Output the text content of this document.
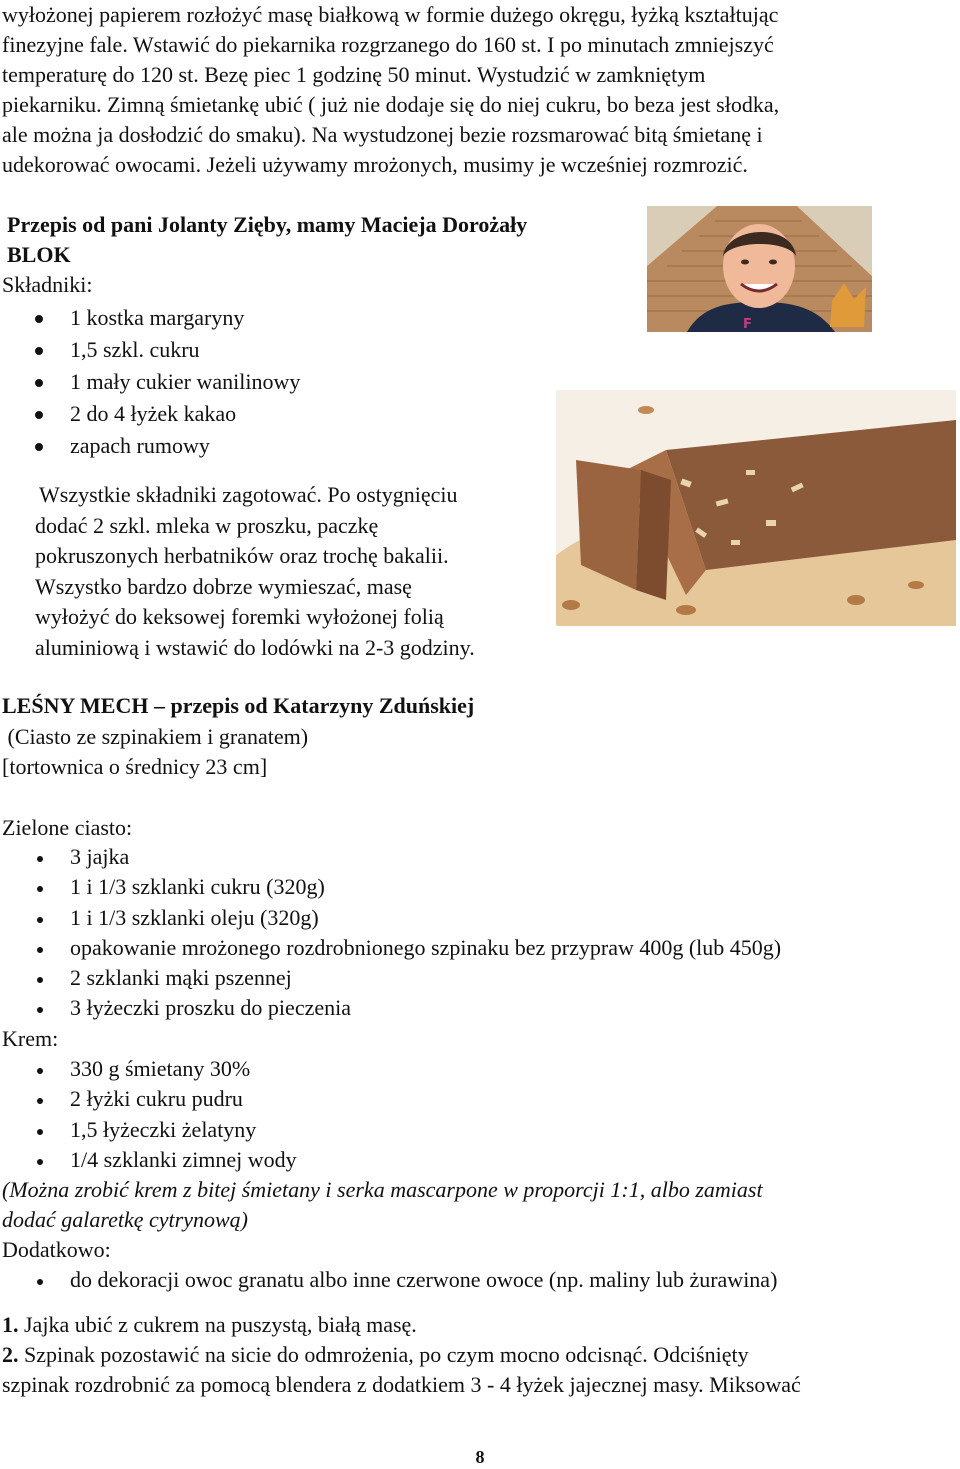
wyłożonej papierem rozłożyć masę białkową w formie dużego okręgu, łyżką kształtując

finezyjne fale. Wstawić do piekarnika rozgrzanego do 160 st. I po minutach zmniejszyć

temperaturę do 120 st. Bezę piec 1 godzinę 50 minut. Wystudzić w zamkniętym

piekarniku. Zimną śmietankę ubić ( już nie dodaje się do niej cukru, bo beza jest słodka,

ale można ja dosłodzić do smaku). Na wystudzonej bezie rozsmarować bitą śmietanę i

udekorować owocami. Jeżeli używamy mrożonych, musimy je wcześniej rozmrozić.

Przepis od pani Jolanty Zięby, mamy Macieja Dorożały
BLOK
Składniki:
1 kostka margaryny
1,5 szkl. cukru
1 mały cukier wanilinowy
2 do 4 łyżek kakao
zapach rumowy
Wszystkie składniki zagotować. Po ostygnięciu
dodać 2 szkl. mleka w proszku, paczkę
pokruszonych herbatników oraz trochę bakalii.
Wszystko bardzo dobrze wymieszać, masę
wyłożyć do keksowej foremki wyłożonej folią
aluminiową i wstawić do lodówki na 2-3 godziny.
F
LEŚNY MECH – przepis od Katarzyny Zduńskiej
(Ciasto ze szpinakiem i granatem)
[tortownica o średnicy 23 cm]
Zielone ciasto:
3 jajka
1 i 1/3 szklanki cukru (320g)
1 i 1/3 szklanki oleju (320g)
opakowanie mrożonego rozdrobnionego szpinaku bez przypraw 400g (lub 450g)
2 szklanki mąki pszennej
3 łyżeczki proszku do pieczenia
Krem:
330 g śmietany 30%
2 łyżki cukru pudru
1,5 łyżeczki żelatyny
1/4 szklanki zimnej wody
(Można zrobić krem z bitej śmietany i serka mascarpone w proporcji 1:1, albo zamiast
dodać galaretkę cytrynową)
Dodatkowo:
do dekoracji owoc granatu albo inne czerwone owoce (np. maliny lub żurawina)
1. Jajka ubić z cukrem na puszystą, białą masę.
2. Szpinak pozostawić na sicie do odmrożenia, po czym mocno odcisnąć. Odciśnięty
szpinak rozdrobnić za pomocą blendera z dodatkiem 3 - 4 łyżek jajecznej masy. Miksować
8
